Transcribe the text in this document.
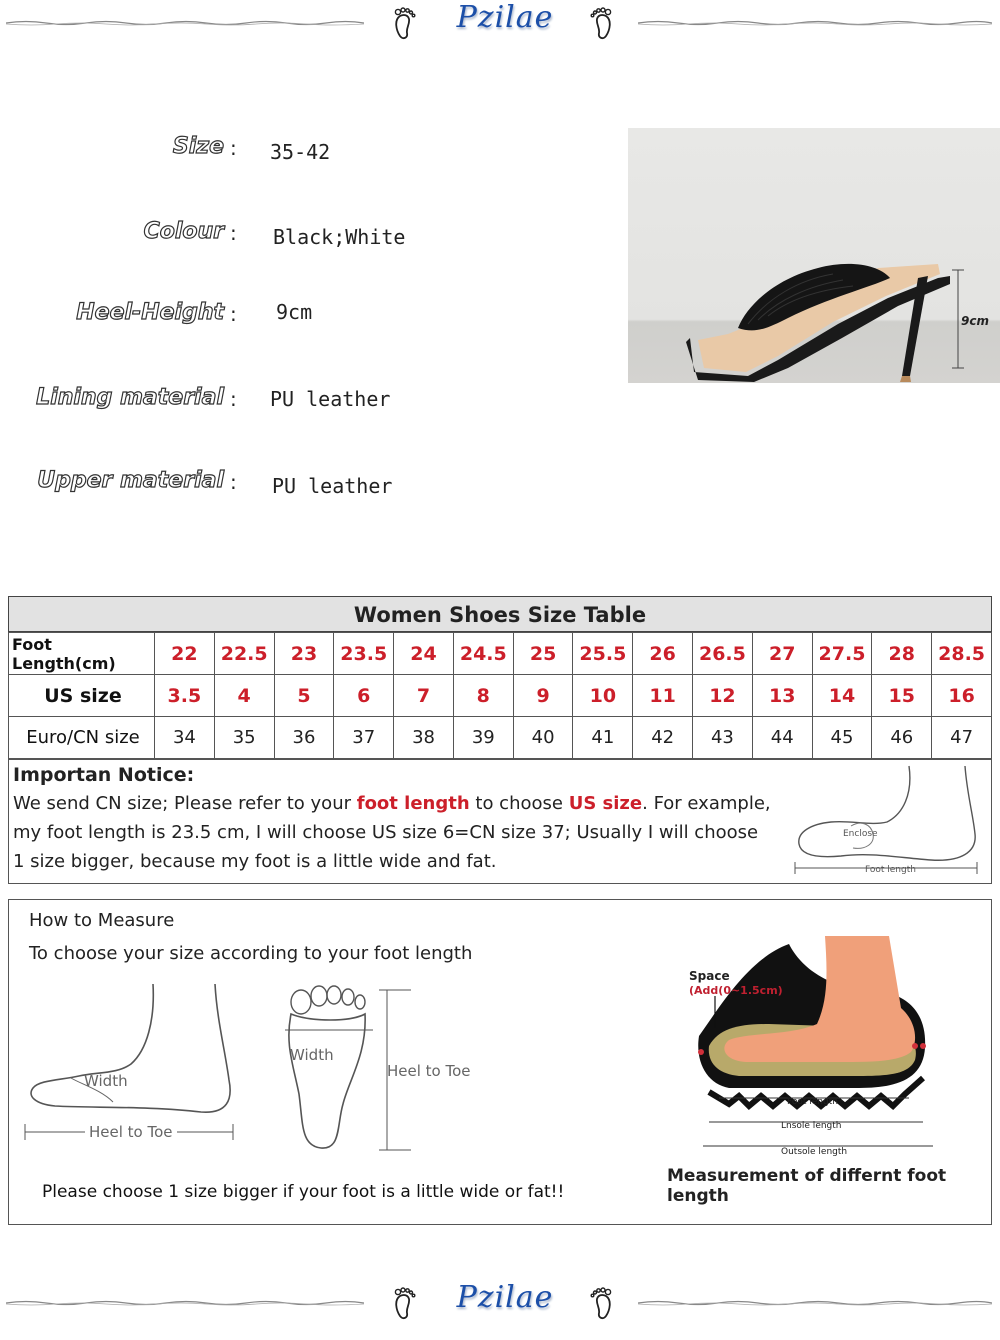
Pzilae
Size : 35-42
Colour : Black;White
Heel-Height : 9cm
Lining material : PU leather
Upper material : PU leather
9cm
Women Shoes Size Table
Foot Length(cm)	22	22.5	23	23.5	24	24.5	25	25.5	26	26.5	27	27.5	28	28.5
US size	3.5	4	5	6	7	8	9	10	11	12	13	14	15	16
Euro/CN size	34	35	36	37	38	39	40	41	42	43	44	45	46	47
Importan Notice:
We send CN size; Please refer to your foot length to choose US size. For example,
my foot length is 23.5 cm, I will choose US size 6=CN size 37; Usually I will choose
1 size bigger, because my foot is a little wide and fat.
Enclose
Foot length
How to Measure
To choose your size according to your foot length
Width
Heel to Toe
Width
Heel to Toe
Space
(Add(0~1.5cm)
Foot length
Lnsole length
Outsole length
Measurement of differnt foot length
Please choose 1 size bigger if your foot is a little wide or fat!!
Pzilae
